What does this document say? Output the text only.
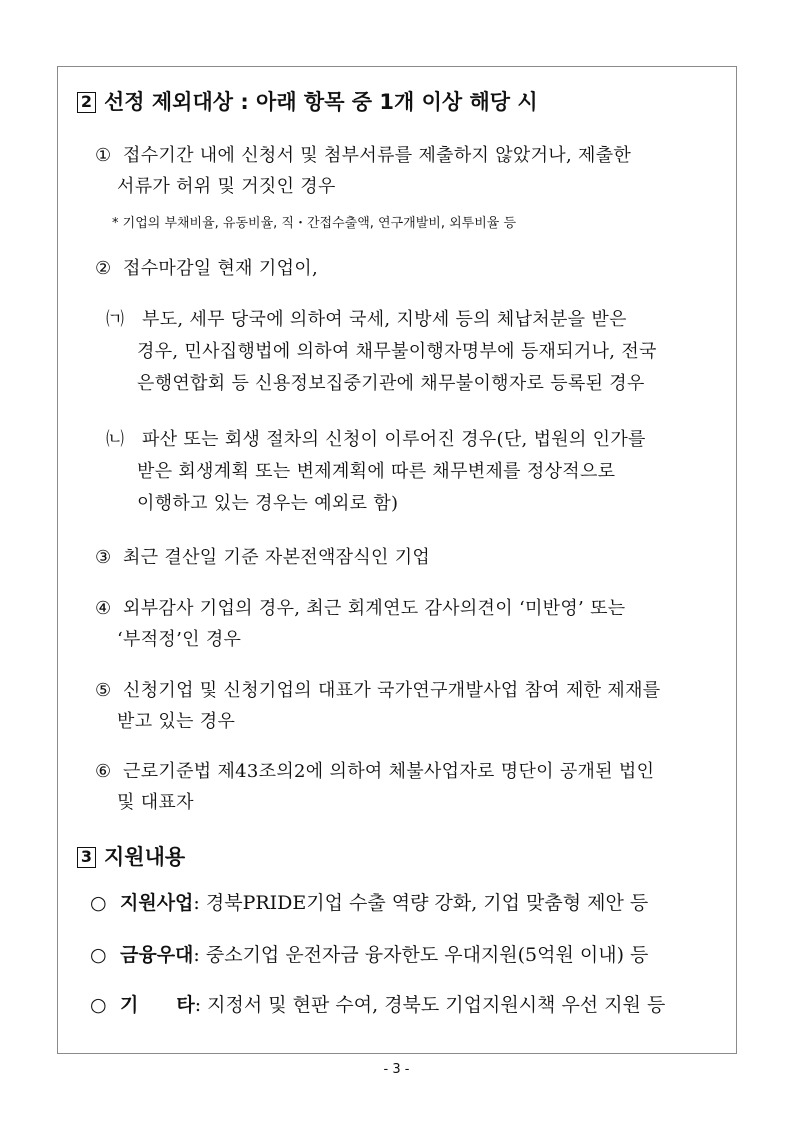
2 선정 제외대상 : 아래 항목 중 1개 이상 해당 시
① 접수기간 내에 신청서 및 첨부서류를 제출하지 않았거나, 제출한
서류가 허위 및 거짓인 경우
* 기업의 부채비율, 유동비율, 직・간접수출액, 연구개발비, 외투비율 등
② 접수마감일 현재 기업이,
㈀ 부도, 세무 당국에 의하여 국세, 지방세 등의 체납처분을 받은
경우, 민사집행법에 의하여 채무불이행자명부에 등재되거나, 전국
은행연합회 등 신용정보집중기관에 채무불이행자로 등록된 경우
㈁ 파산 또는 회생 절차의 신청이 이루어진 경우(단, 법원의 인가를
받은 회생계획 또는 변제계획에 따른 채무변제를 정상적으로
이행하고 있는 경우는 예외로 함)
③ 최근 결산일 기준 자본전액잠식인 기업
④ 외부감사 기업의 경우, 최근 회계연도 감사의견이 ‘미반영’ 또는
‘부적정’인 경우
⑤ 신청기업 및 신청기업의 대표가 국가연구개발사업 참여 제한 제재를
받고 있는 경우
⑥ 근로기준법 제43조의2에 의하여 체불사업자로 명단이 공개된 법인
및 대표자
3 지원내용
○ 지원사업: 경북PRIDE기업 수출 역량 강화, 기업 맞춤형 제안 등
○ 금융우대: 중소기업 운전자금 융자한도 우대지원(5억원 이내) 등
○ 기　　타: 지정서 및 현판 수여, 경북도 기업지원시책 우선 지원 등
- 3 -
